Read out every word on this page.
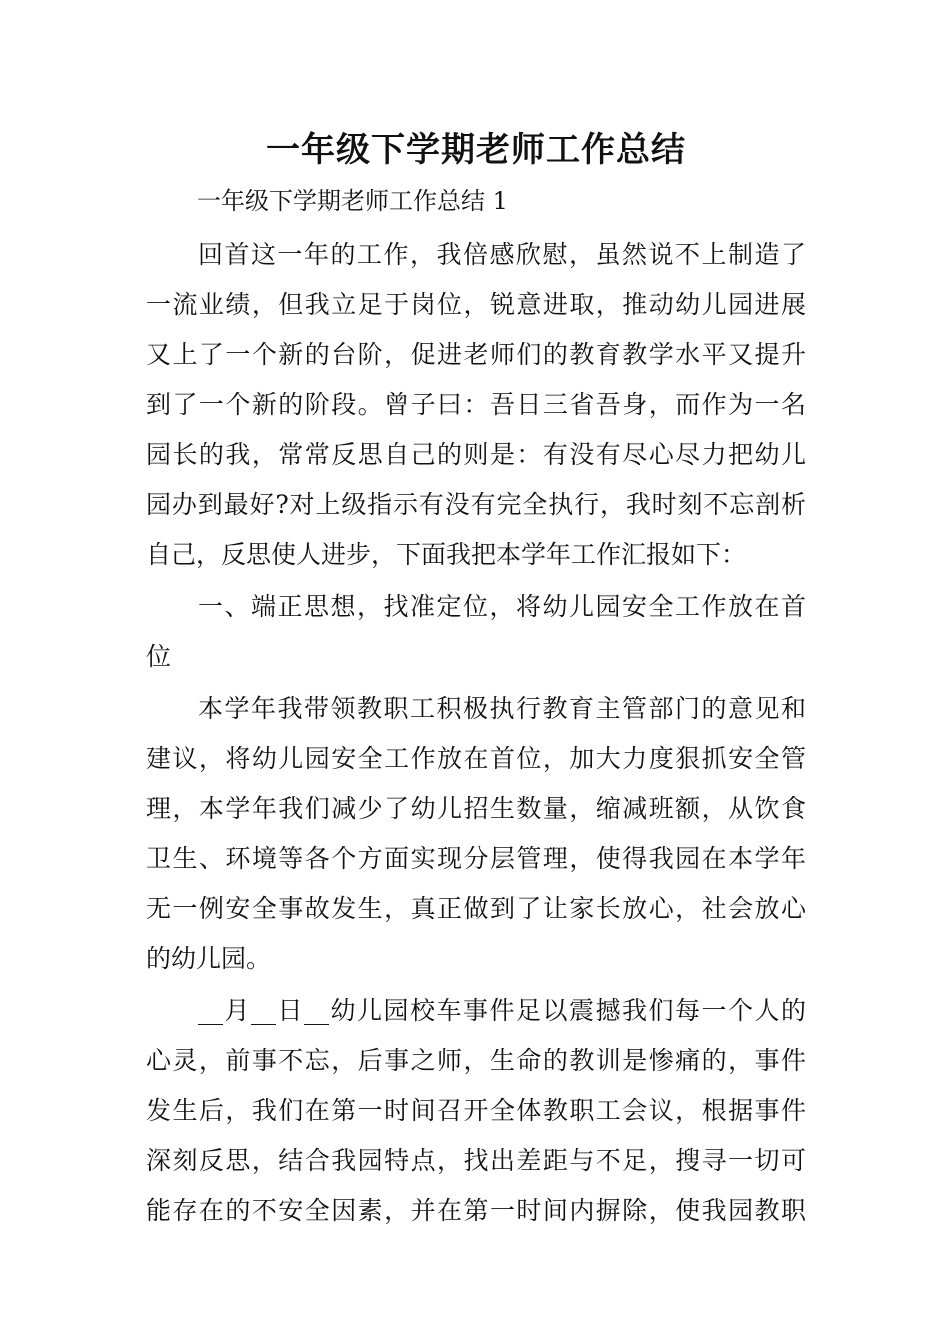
一年级下学期老师工作总结

一年级下学期老师工作总结 1

回首这一年的工作，我倍感欣慰，虽然说不上制造了
一流业绩，但我立足于岗位，锐意进取，推动幼儿园进展
又上了一个新的台阶，促进老师们的教育教学水平又提升
到了一个新的阶段。曾子曰：吾日三省吾身，而作为一名
园长的我，常常反思自己的则是：有没有尽心尽力把幼儿
园办到最好?对上级指示有没有完全执行，我时刻不忘剖析
自己，反思使人进步，下面我把本学年工作汇报如下：
一、端正思想，找准定位，将幼儿园安全工作放在首
位
本学年我带领教职工积极执行教育主管部门的意见和
建议，将幼儿园安全工作放在首位，加大力度狠抓安全管
理，本学年我们减少了幼儿招生数量，缩减班额，从饮食
卫生、环境等各个方面实现分层管理，使得我园在本学年
无一例安全事故发生，真正做到了让家长放心，社会放心
的幼儿园。
__月__日__幼儿园校车事件足以震撼我们每一个人的
心灵，前事不忘，后事之师，生命的教训是惨痛的，事件
发生后，我们在第一时间召开全体教职工会议，根据事件
深刻反思，结合我园特点，找出差距与不足，搜寻一切可
能存在的不安全因素，并在第一时间内摒除，使我园教职
